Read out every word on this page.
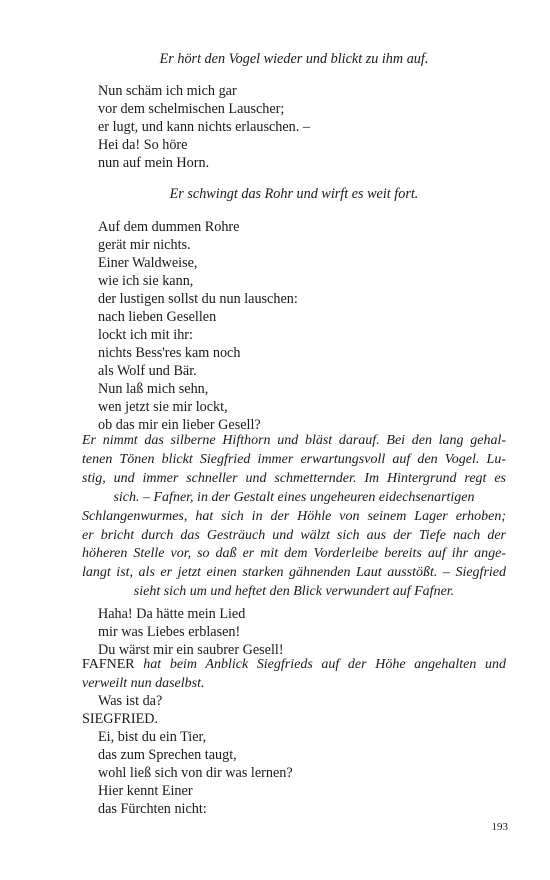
Er hört den Vogel wieder und blickt zu ihm auf.
Nun schäm ich mich gar
vor dem schelmischen Lauscher;
er lugt, und kann nichts erlauschen. –
Hei da! So höre
nun auf mein Horn.
Er schwingt das Rohr und wirft es weit fort.
Auf dem dummen Rohre
gerät mir nichts.
Einer Waldweise,
wie ich sie kann,
der lustigen sollst du nun lauschen:
nach lieben Gesellen
lockt ich mit ihr:
nichts Bess'res kam noch
als Wolf und Bär.
Nun laß mich sehn,
wen jetzt sie mir lockt,
ob das mir ein lieber Gesell?
Er nimmt das silberne Hifthorn und bläst darauf. Bei den lang gehal-
tenen Tönen blickt Siegfried immer erwartungsvoll auf den Vogel. Lu-
stig, und immer schneller und schmetternder. Im Hintergrund regt es
sich. – Fafner, in der Gestalt eines ungeheuren eidechsenartigen
Schlangenwurmes, hat sich in der Höhle von seinem Lager erhoben;
er bricht durch das Gesträuch und wälzt sich aus der Tiefe nach der
höheren Stelle vor, so daß er mit dem Vorderleibe bereits auf ihr ange-
langt ist, als er jetzt einen starken gähnenden Laut ausstößt. – Siegfried
sieht sich um und heftet den Blick verwundert auf Fafner.
Haha! Da hätte mein Lied
mir was Liebes erblasen!
Du wärst mir ein saubrer Gesell!
FAFNER hat beim Anblick Siegfrieds auf der Höhe angehalten und
verweilt nun daselbst.
Was ist da?
SIEGFRIED.
Ei, bist du ein Tier,
das zum Sprechen taugt,
wohl ließ sich von dir was lernen?
Hier kennt Einer
das Fürchten nicht:
193
